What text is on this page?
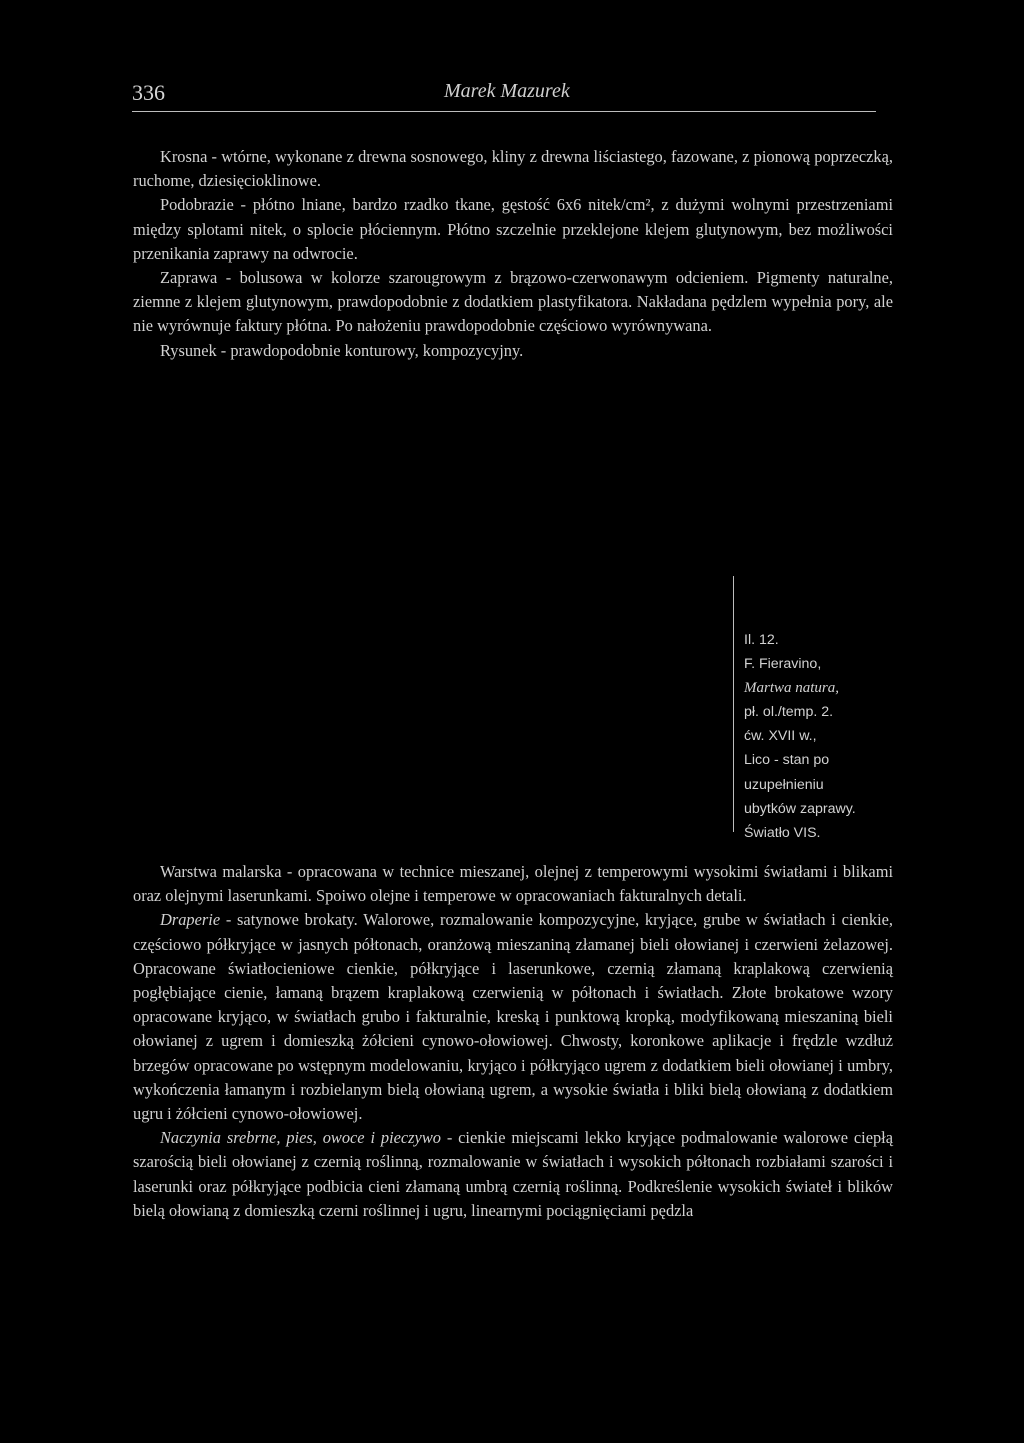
336	Marek Mazurek

Krosna - wtórne, wykonane z drewna sosnowego, kliny z drewna liściastego, fazowane, z pionową poprzeczką, ruchome, dziesięcioklinowe.

Podobrazie - płótno lniane, bardzo rzadko tkane, gęstość 6x6 nitek/cm², z dużymi wolnymi przestrzeniami między splotami nitek, o splocie płóciennym. Płótno szczelnie przeklejone klejem glutynowym, bez możliwości przenikania zaprawy na odwrocie.

Zaprawa - bolusowa w kolorze szarougrowym z brązowo-czerwonawym odcieniem. Pigmenty naturalne, ziemne z klejem glutynowym, prawdopodobnie z dodatkiem plastyfikatora. Nakładana pędzlem wypełnia pory, ale nie wyrównuje faktury płótna. Po nałożeniu prawdopodobnie częściowo wyrównywana.

Rysunek - prawdopodobnie konturowy, kompozycyjny.

Il. 12.
F. Fieravino,
Martwa natura,
pł. ol./temp. 2.
ćw. XVII w.,
Lico - stan po
uzupełnieniu
ubytków zaprawy.
Światło VIS.

Warstwa malarska - opracowana w technice mieszanej, olejnej z temperowymi wysokimi światłami i blikami oraz olejnymi laserunkami. Spoiwo olejne i temperowe w opracowaniach fakturalnych detali.

Draperie - satynowe brokaty. Walorowe, rozmalowanie kompozycyjne, kryjące, grube w światłach i cienkie, częściowo półkryjące w jasnych półtonach, oranżową mieszaniną złamanej bieli ołowianej i czerwieni żelazowej. Opracowane światłocieniowe cienkie, półkryjące i laserunkowe, czernią złamaną kraplakową czerwienią pogłębiające cienie, łamaną brązem kraplakową czerwienią w półtonach i światłach. Złote brokatowe wzory opracowane kryjąco, w światłach grubo i fakturalnie, kreską i punktową kropką, modyfikowaną mieszaniną bieli ołowianej z ugrem i domieszką żółcieni cynowo-ołowiowej. Chwosty, koronkowe aplikacje i frędzle wzdłuż brzegów opracowane po wstępnym modelowaniu, kryjąco i półkryjąco ugrem z dodatkiem bieli ołowianej i umbry, wykończenia łamanym i rozbielanym bielą ołowianą ugrem, a wysokie światła i bliki bielą ołowianą z dodatkiem ugru i żółcieni cynowo-ołowiowej.

Naczynia srebrne, pies, owoce i pieczywo - cienkie miejscami lekko kryjące podmalowanie walorowe ciepłą szarością bieli ołowianej z czernią roślinną, rozmalowanie w światłach i wysokich półtonach rozbiałami szarości i laserunki oraz półkryjące podbicia cieni złamaną umbrą czernią roślinną. Podkreślenie wysokich świateł i blików bielą ołowianą z domieszką czerni roślinnej i ugru, linearnymi pociągnięciami pędzla
